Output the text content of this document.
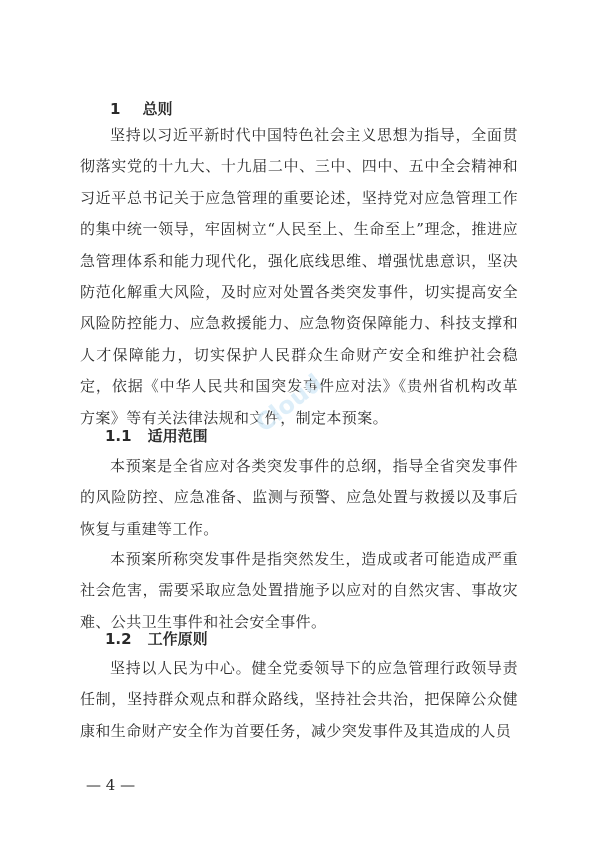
1 总则

坚持以习近平新时代中国特色社会主义思想为指导，全面贯彻落实党的十九大、十九届二中、三中、四中、五中全会精神和习近平总书记关于应急管理的重要论述，坚持党对应急管理工作的集中统一领导，牢固树立“人民至上、生命至上”理念，推进应急管理体系和能力现代化，强化底线思维、增强忧患意识，坚决防范化解重大风险，及时应对处置各类突发事件，切实提高安全风险防控能力、应急救援能力、应急物资保障能力、科技支撑和人才保障能力，切实保护人民群众生命财产安全和维护社会稳定，依据《中华人民共和国突发事件应对法》《贵州省机构改革方案》等有关法律法规和文件，制定本预案。

Cloud
1.1 适用范围

本预案是全省应对各类突发事件的总纲，指导全省突发事件的风险防控、应急准备、监测与预警、应急处置与救援以及事后恢复与重建等工作。

本预案所称突发事件是指突然发生，造成或者可能造成严重社会危害，需要采取应急处置措施予以应对的自然灾害、事故灾难、公共卫生事件和社会安全事件。

1.2 工作原则

坚持以人民为中心。健全党委领导下的应急管理行政领导责任制，坚持群众观点和群众路线，坚持社会共治，把保障公众健康和生命财产安全作为首要任务，减少突发事件及其造成的人员

— 4 —
